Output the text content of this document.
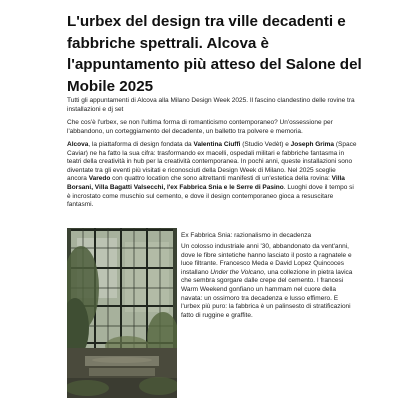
L'urbex del design tra ville decadenti e fabbriche spettrali. Alcova è l'appuntamento più atteso del Salone del Mobile 2025

Tutti gli appuntamenti di Alcova alla Milano Design Week 2025. Il fascino clandestino delle rovine tra installazioni e dj set

Che cos'è l'urbex, se non l'ultima forma di romanticismo contemporaneo? Un'ossessione per l'abbandono, un corteggiamento del decadente, un balletto tra polvere e memoria.

Alcova, la piattaforma di design fondata da Valentina Ciuffi (Studio Vedèt) e Joseph Grima (Space Caviar) ne ha fatto la sua cifra: trasformando ex macelli, ospedali militari e fabbriche fantasma in teatri della creatività in hub per la creatività contemporanea. In pochi anni, queste installazioni sono diventate tra gli eventi più visitati e riconosciuti della Design Week di Milano. Nel 2025 sceglie ancora Varedo con quattro location che sono altrettanti manifesti di un'estetica della rovina: Villa Borsani, Villa Bagatti Valsecchi, l'ex Fabbrica Snia e le Serre di Pasino. Luoghi dove il tempo si è incrostato come muschio sul cemento, e dove il design contemporaneo gioca a resuscitare fantasmi.

Ex Fabbrica Snia: razionalismo in decadenza

Un colosso industriale anni '30, abbandonato da vent'anni, dove le fibre sintetiche hanno lasciato il posto a ragnatele e luce filtrante. Francesco Meda e David Lopez Quincoces installano Under the Volcano, una collezione in pietra lavica che sembra sgorgare dalle crepe del cemento. I francesi Warm Weekend gonfiano un hammam nel cuore della navata: un ossimoro tra decadenza e lusso effimero. E l'urbex più puro: la fabbrica è un palinsesto di stratificazioni fatto di ruggine e graffite.
